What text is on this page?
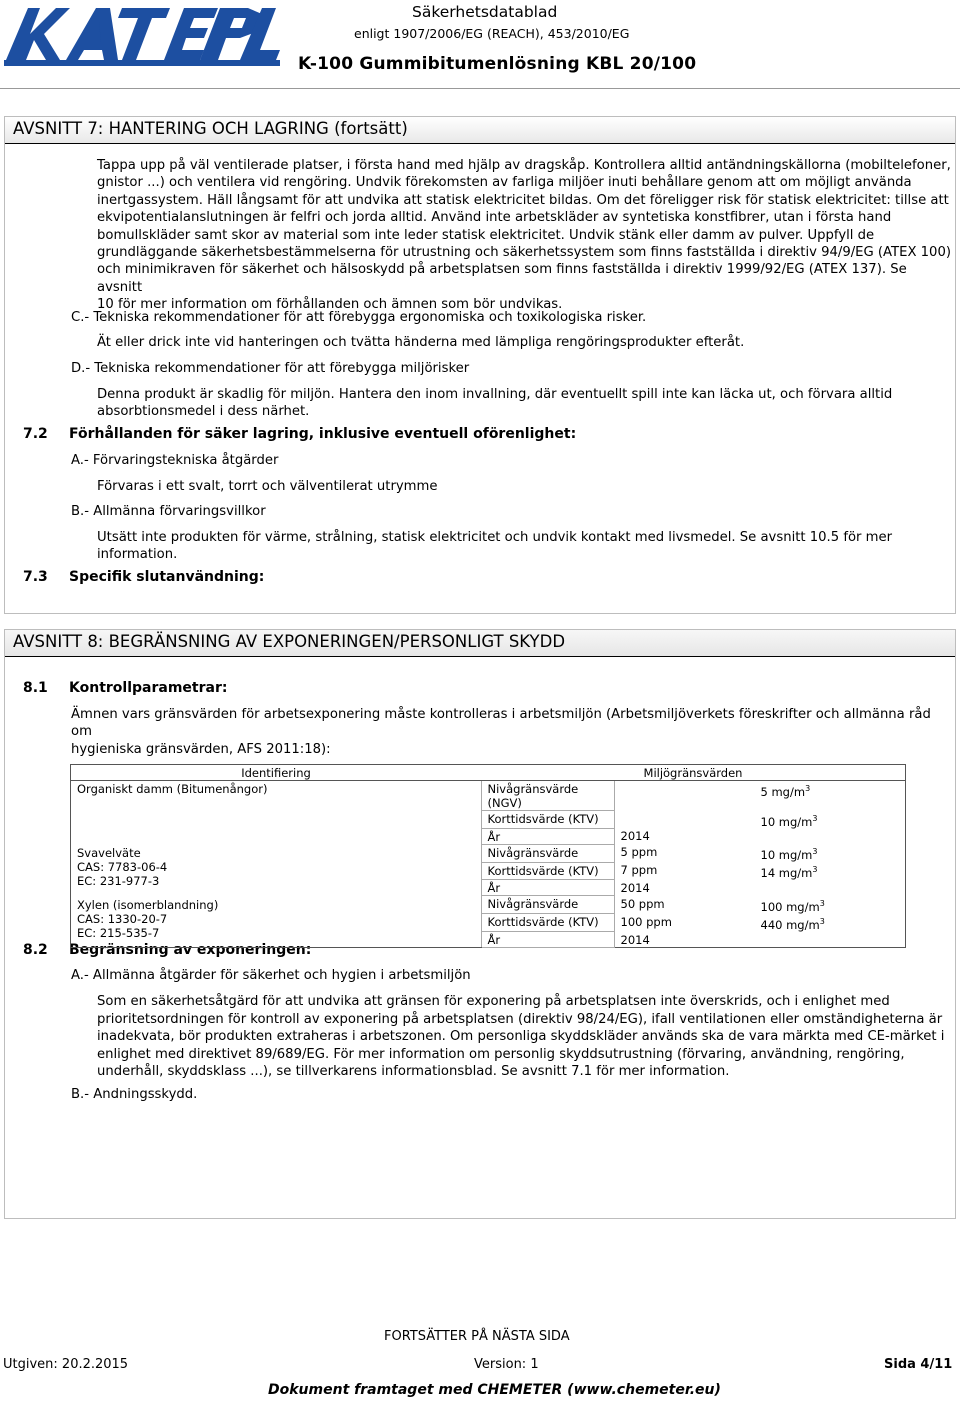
KATEPAL
Säkerhetsdatablad
enligt 1907/2006/EG (REACH), 453/2010/EG
K-100 Gummibitumenlösning KBL 20/100
AVSNITT 7: HANTERING OCH LAGRING (fortsätt)
Tappa upp på väl ventilerade platser, i första hand med hjälp av dragskåp. Kontrollera alltid antändningskällorna (mobiltelefoner,
gnistor ...) och ventilera vid rengöring. Undvik förekomsten av farliga miljöer inuti behållare genom att om möjligt använda
inertgassystem. Häll långsamt för att undvika att statisk elektricitet bildas. Om det föreligger risk för statisk elektricitet: tillse att
ekvipotentialanslutningen är felfri och jorda alltid. Använd inte arbetskläder av syntetiska konstfibrer, utan i första hand
bomullskläder samt skor av material som inte leder statisk elektricitet. Undvik stänk eller damm av pulver. Uppfyll de
grundläggande säkerhetsbestämmelserna för utrustning och säkerhetssystem som finns fastställda i direktiv 94/9/EG (ATEX 100)
och minimikraven för säkerhet och hälsoskydd på arbetsplatsen som finns fastställda i direktiv 1999/92/EG (ATEX 137). Se avsnitt
10 för mer information om förhållanden och ämnen som bör undvikas.
C.- Tekniska rekommendationer för att förebygga ergonomiska och toxikologiska risker.
Ät eller drick inte vid hanteringen och tvätta händerna med lämpliga rengöringsprodukter efteråt.
D.- Tekniska rekommendationer för att förebygga miljörisker
Denna produkt är skadlig för miljön. Hantera den inom invallning, där eventuellt spill inte kan läcka ut, och förvara alltid
absorbtionsmedel i dess närhet.
7.2 Förhållanden för säker lagring, inklusive eventuell oförenlighet:
A.- Förvaringstekniska åtgärder
Förvaras i ett svalt, torrt och välventilerat utrymme
B.- Allmänna förvaringsvillkor
Utsätt inte produkten för värme, strålning, statisk elektricitet och undvik kontakt med livsmedel. Se avsnitt 10.5 för mer
information.
7.3 Specifik slutanvändning:
AVSNITT 8: BEGRÄNSNING AV EXPONERINGEN/PERSONLIGT SKYDD
8.1 Kontrollparametrar:
Ämnen vars gränsvärden för arbetsexponering måste kontrolleras i arbetsmiljön (Arbetsmiljöverkets föreskrifter och allmänna råd om
hygieniska gränsvärden, AFS 2011:18):
8.2 Begränsning av exponeringen:
A.- Allmänna åtgärder för säkerhet och hygien i arbetsmiljön
Som en säkerhetsåtgärd för att undvika att gränsen för exponering på arbetsplatsen inte överskrids, och i enlighet med
prioritetsordningen för kontroll av exponering på arbetsplatsen (direktiv 98/24/EG), ifall ventilationen eller omständigheterna är
inadekvata, bör produkten extraheras i arbetszonen. Om personliga skyddskläder används ska de vara märkta med CE-märket i
enlighet med direktivet 89/689/EG. För mer information om personlig skyddsutrustning (förvaring, användning, rengöring,
underhåll, skyddsklass ...), se tillverkarens informationsblad. Se avsnitt 7.1 för mer information.
B.- Andningsskydd.
Identifiering	Miljögränsvärden		

Organiskt damm (Bitumenångor)	Nivågränsvärde (NGV)		5 $mg/m^3$
	Korttidsvärde (KTV)		10 $mg/m^3$
	År	2014	

Svavelväte
CAS: 7783-06-4
EC: 231-977-3	Nivågränsvärde	5 ppm	10 $mg/m^3$
	Korttidsvärde (KTV)	7 ppm	14 $mg/m^3$
	År	2014	

Xylen (isomerblandning)
CAS: 1330-20-7
EC: 215-535-7	Nivågränsvärde	50 ppm	100 $mg/m^3$
	Korttidsvärde (KTV)	100 ppm	440 $mg/m^3$
	År	2014	
FORTSÄTTER PÅ NÄSTA SIDA
Utgiven: 20.2.2015	Version: 1	Sida 4/11
Dokument framtaget med CHEMETER (www.chemeter.eu)
